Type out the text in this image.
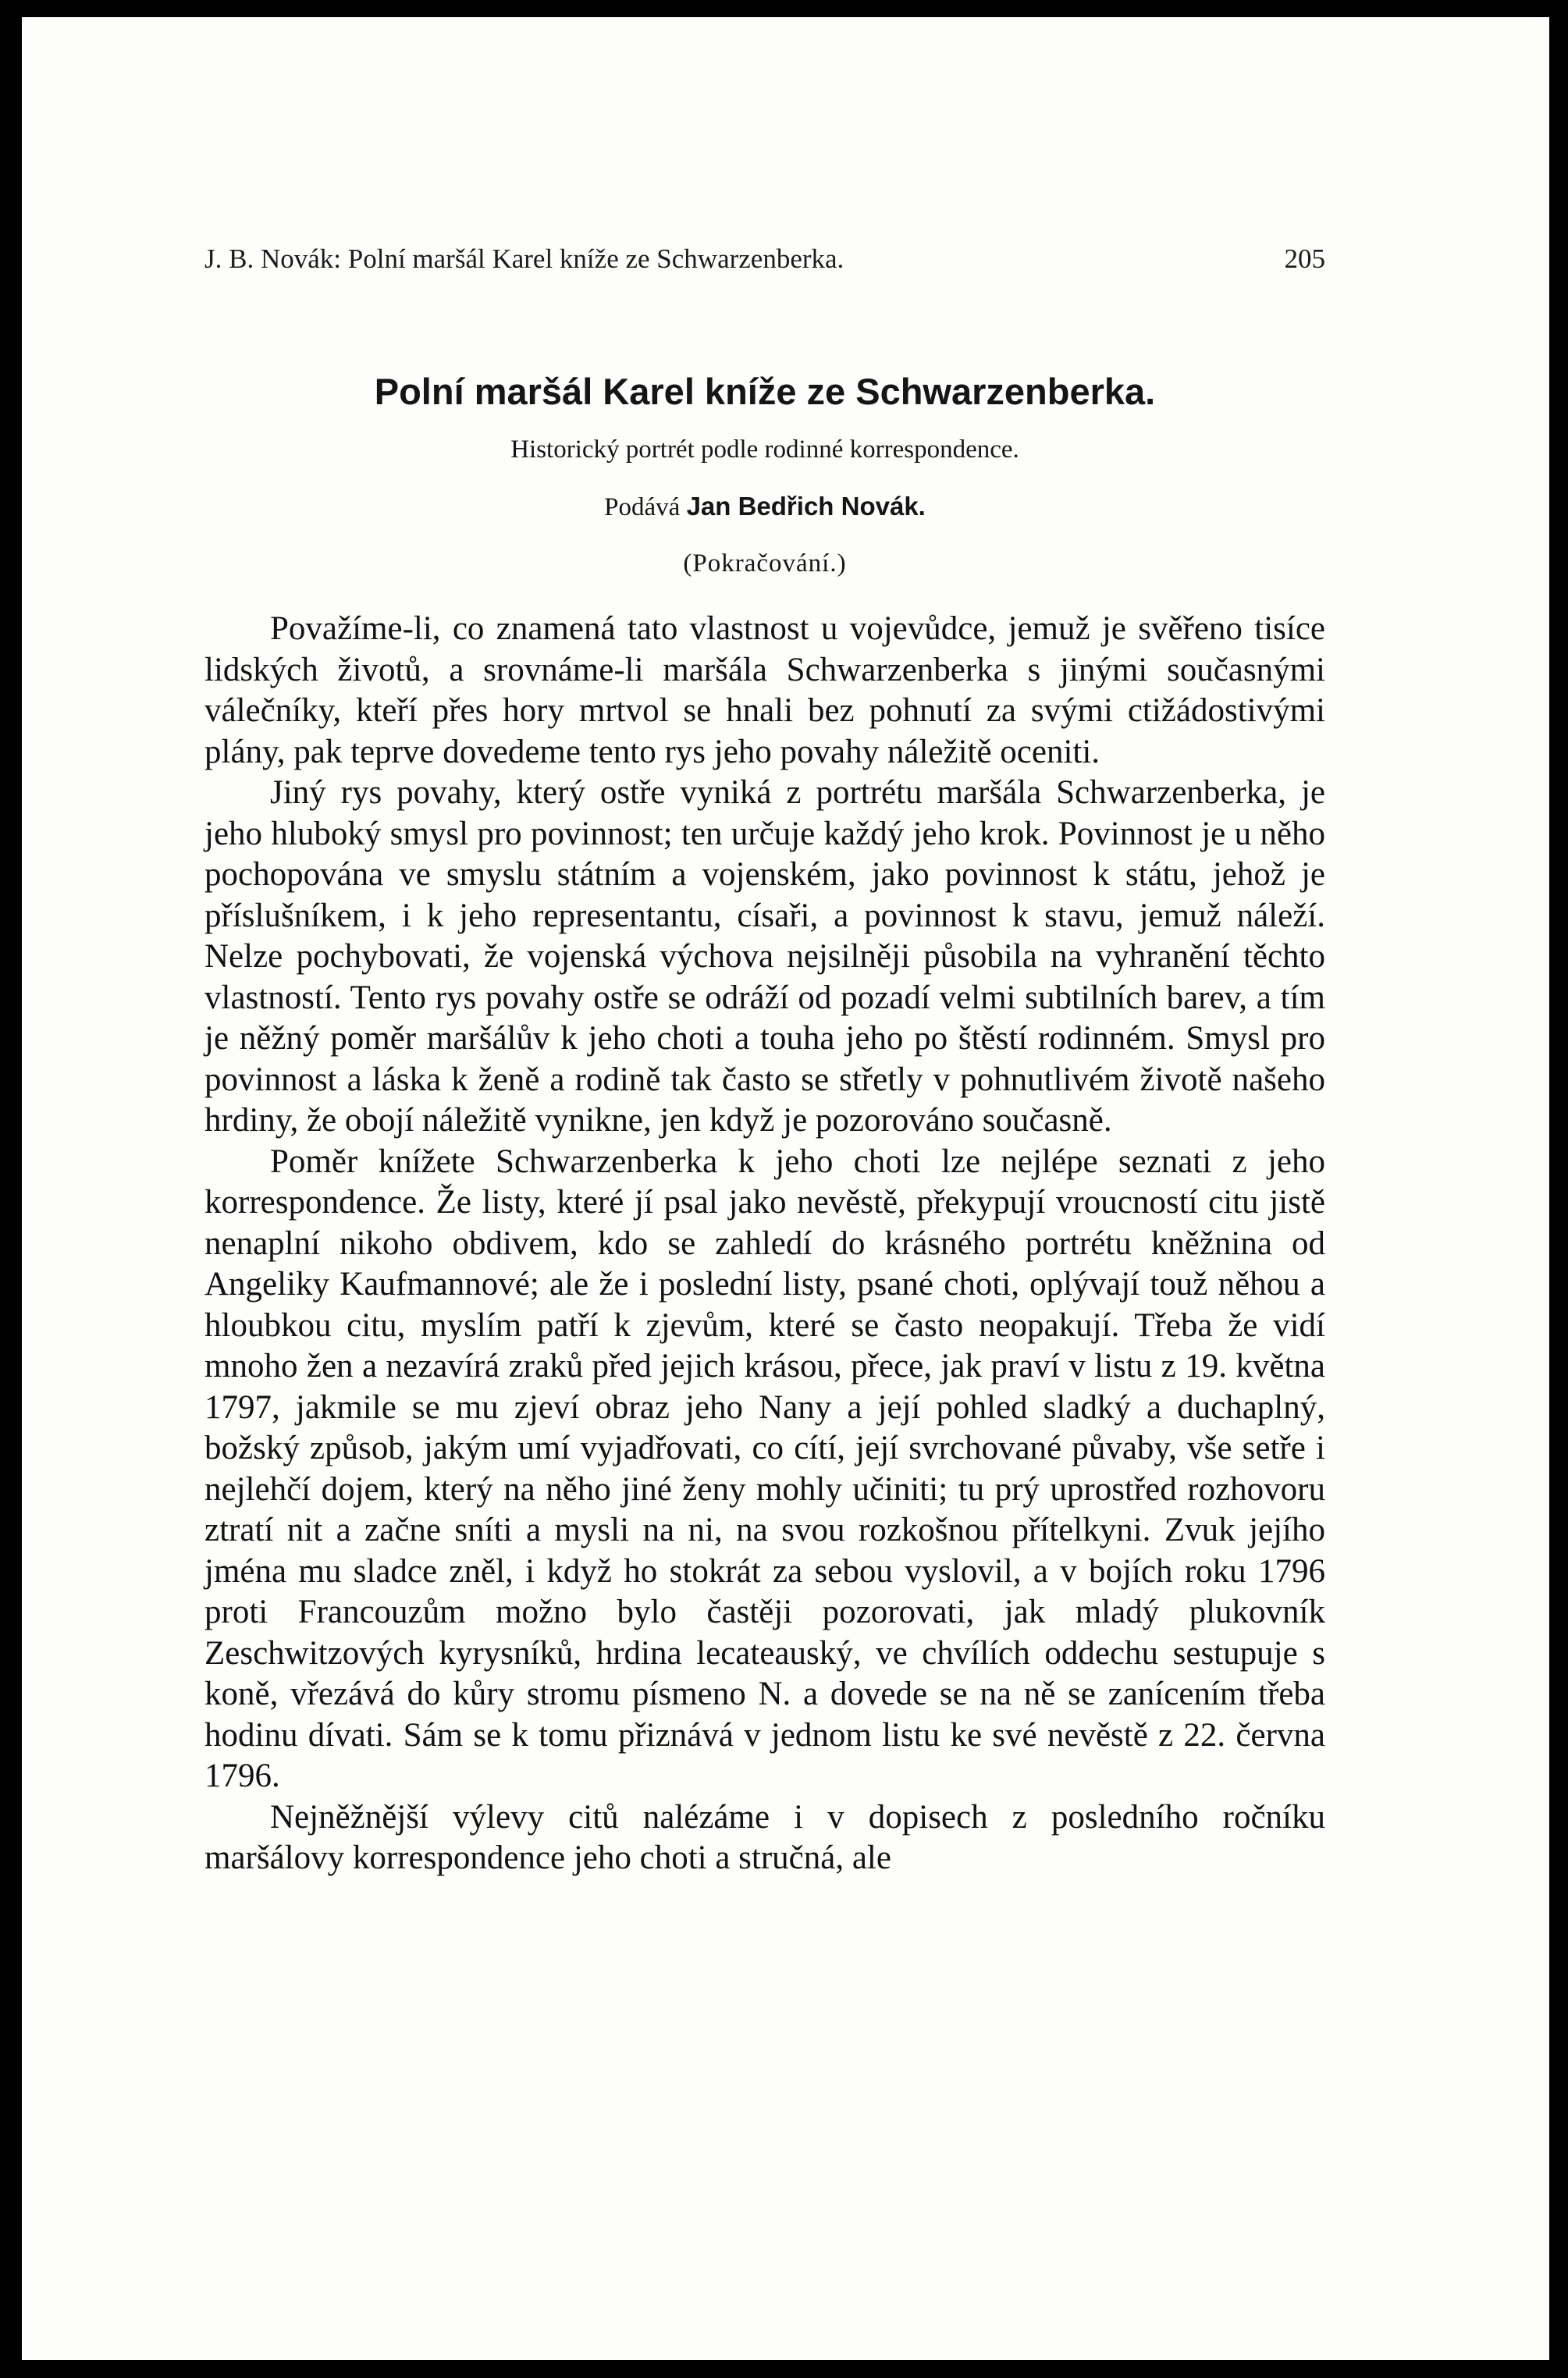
J. B. Novák: Polní maršál Karel kníže ze Schwarzenberka.	205
Polní maršál Karel kníže ze Schwarzenberka.
Historický portrét podle rodinné korrespondence.
Podává Jan Bedřich Novák.
(Pokračování.)

Považíme-li, co znamená tato vlastnost u vojevůdce, jemuž je svěřeno tisíce lidských životů, a srovnáme-li maršála Schwarzenberka s jinými současnými válečníky, kteří přes hory mrtvol se hnali bez pohnutí za svými ctižádostivými plány, pak teprve dovedeme tento rys jeho povahy náležitě oceniti.

Jiný rys povahy, který ostře vyniká z portrétu maršála Schwarzenberka, je jeho hluboký smysl pro povinnost; ten určuje každý jeho krok. Povinnost je u něho pochopována ve smyslu státním a vojenském, jako povinnost k státu, jehož je příslušníkem, i k jeho representantu, císaři, a povinnost k stavu, jemuž náleží. Nelze pochybovati, že vojenská výchova nejsilněji působila na vyhranění těchto vlastností. Tento rys povahy ostře se odráží od pozadí velmi subtilních barev, a tím je něžný poměr maršálův k jeho choti a touha jeho po štěstí rodinném. Smysl pro povinnost a láska k ženě a rodině tak často se střetly v pohnutlivém životě našeho hrdiny, že obojí náležitě vynikne, jen když je pozorováno současně.

Poměr knížete Schwarzenberka k jeho choti lze nejlépe seznati z jeho korrespondence. Že listy, které jí psal jako nevěstě, překypují vroucností citu jistě nenaplní nikoho obdivem, kdo se zahledí do krásného portrétu kněžnina od Angeliky Kaufmannové; ale že i poslední listy, psané choti, oplývají touž něhou a hloubkou citu, myslím patří k zjevům, které se často neopakují. Třeba že vidí mnoho žen a nezavírá zraků před jejich krásou, přece, jak praví v listu z 19. května 1797, jakmile se mu zjeví obraz jeho Nany a její pohled sladký a duchaplný, božský způsob, jakým umí vyjadřovati, co cítí, její svrchované půvaby, vše setře i nejlehčí dojem, který na něho jiné ženy mohly učiniti; tu prý uprostřed rozhovoru ztratí nit a začne sníti a mysli na ni, na svou rozkošnou přítelkyni. Zvuk jejího jména mu sladce zněl, i když ho stokrát za sebou vyslovil, a v bojích roku 1796 proti Francouzům možno bylo častěji pozorovati, jak mladý plukovník Zeschwitzových kyrysníků, hrdina lecateauský, ve chvílích oddechu sestupuje s koně, vřezává do kůry stromu písmeno N. a dovede se na ně se zanícením třeba hodinu dívati. Sám se k tomu přiznává v jednom listu ke své nevěstě z 22. června 1796.

Nejněžnější výlevy citů nalézáme i v dopisech z posledního ročníku maršálovy korrespondence jeho choti a stručná, ale
